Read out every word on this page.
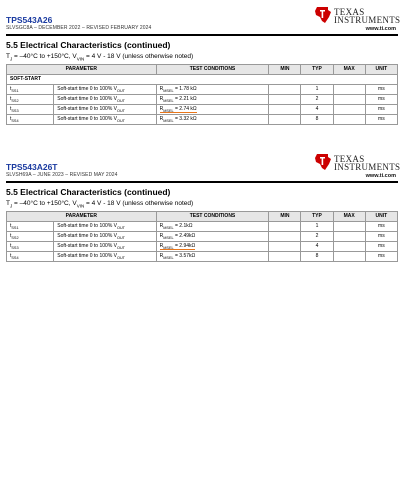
TPS543A26
SLVSGC8A – DECEMBER 2022 – REVISED FEBRUARY 2024
TEXAS
INSTRUMENTS
www.ti.com
5.5 Electrical Characteristics (continued)
$T_J = -40^\circ C$ to +150°C, $V_{VIN} = 4$ V - 18 V (unless otherwise noted)
PARAMETER		TEST CONDITIONS	MIN	TYP	MAX	UNIT
SOFT-START						
$t_{SS1}$	Soft-start time 0 to 100% $V_{OUT}$	$R_{MSEL} = 1.78$ kΩ		1		ms
$t_{SS2}$	Soft-start time 0 to 100% $V_{OUT}$	$R_{MSEL} = 2.21$ kΩ		2		ms
$t_{SS3}$	Soft-start time 0 to 100% $V_{OUT}$	$R_{MSEL} = 2.74$ kΩ		4		ms
$t_{SS4}$	Soft-start time 0 to 100% $V_{OUT}$	$R_{MSEL} = 3.32$ kΩ		8		ms
TPS543A26T
SLVSH69A – JUNE 2023 – REVISED MAY 2024
TEXAS
INSTRUMENTS
www.ti.com
5.5 Electrical Characteristics (continued)
$T_J = -40^\circ C$ to +150°C, $V_{VIN} = 4$ V - 18 V (unless otherwise noted)
PARAMETER		TEST CONDITIONS	MIN	TYP	MAX	UNIT
$t_{SS1}$	Soft-start time 0 to 100% $V_{OUT}$	$R_{MSEL} = 2.1k\Omega$		1		ms
$t_{SS2}$	Soft-start time 0 to 100% $V_{OUT}$	$R_{MSEL} = 2.49k\Omega$		2		ms
$t_{SS3}$	Soft-start time 0 to 100% $V_{OUT}$	$R_{MSEL} = 2.94k\Omega$		4		ms
$t_{SS4}$	Soft-start time 0 to 100% $V_{OUT}$	$R_{MSEL} = 3.57k\Omega$		8		ms
